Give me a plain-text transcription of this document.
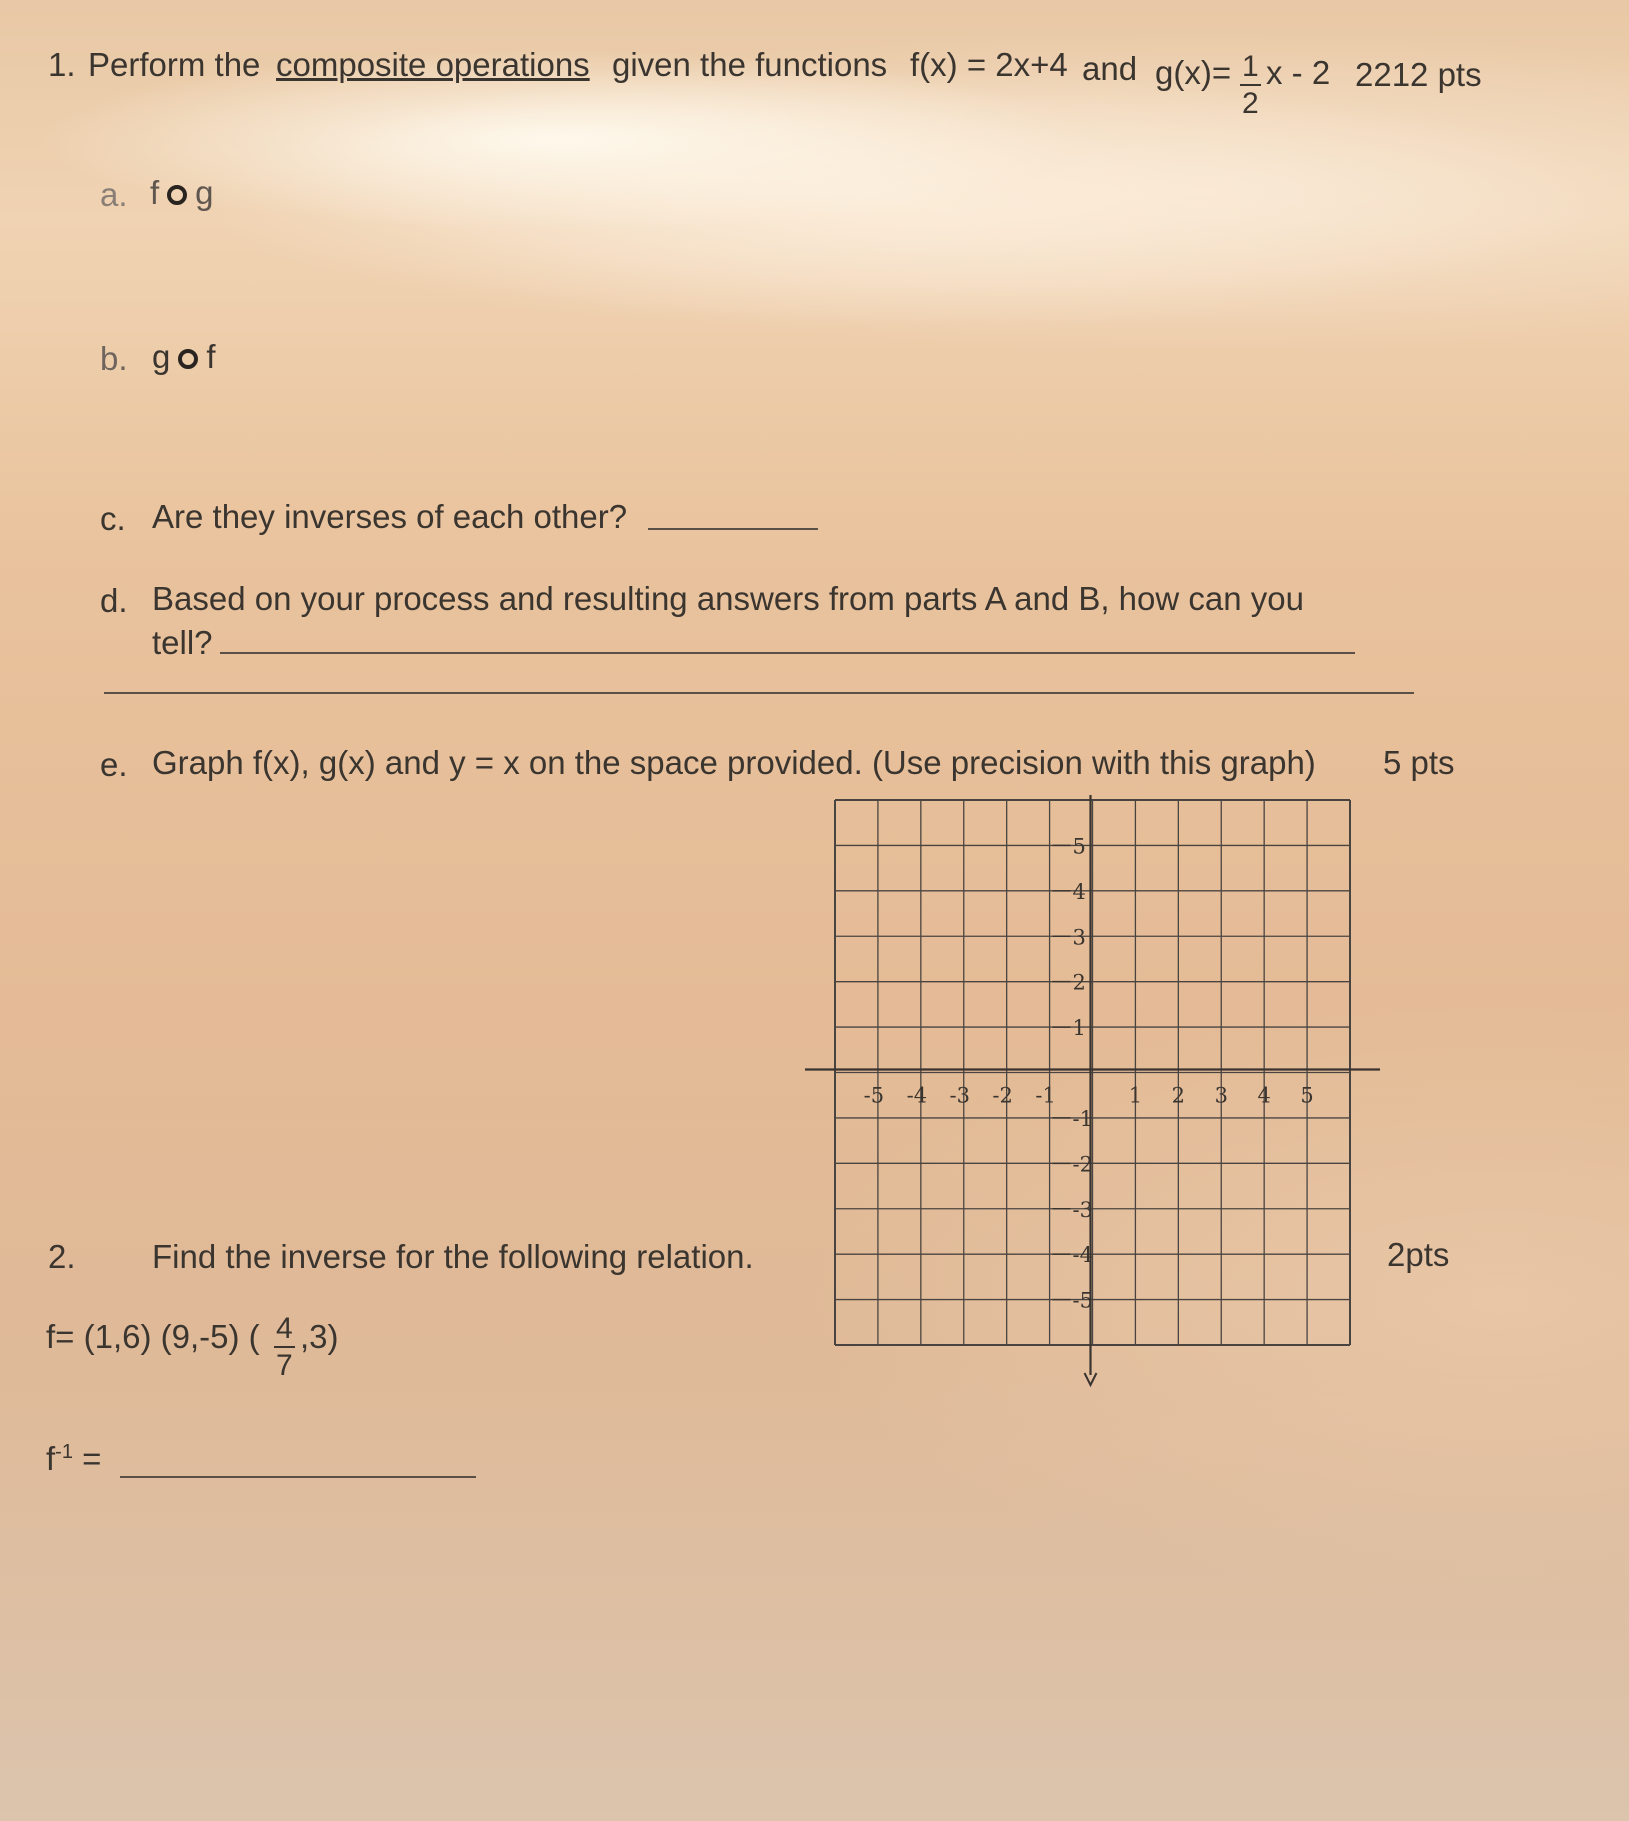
1. Perform the composite operations given the functions f(x) = 2x+4 and $g(x)= \frac{1}{2}$ x - 2 2212 pts
a. f g
b. g f
c. Are they inverses of each other?
d. Based on your process and resulting answers from parts A and B, how can you
tell?
e. Graph f(x), g(x) and y = x on the space provided. (Use precision with this graph) 5 pts
-5 -4 -3 -2 -1	1 2 3 4 5
5
4
3
2
1
-1
-2
-3
-4
-5
2. Find the inverse for the following relation.	2pts
f= (1,6) (9,-5) ( $\frac{4}{7} ,3$)
$f^{-1}$ =
